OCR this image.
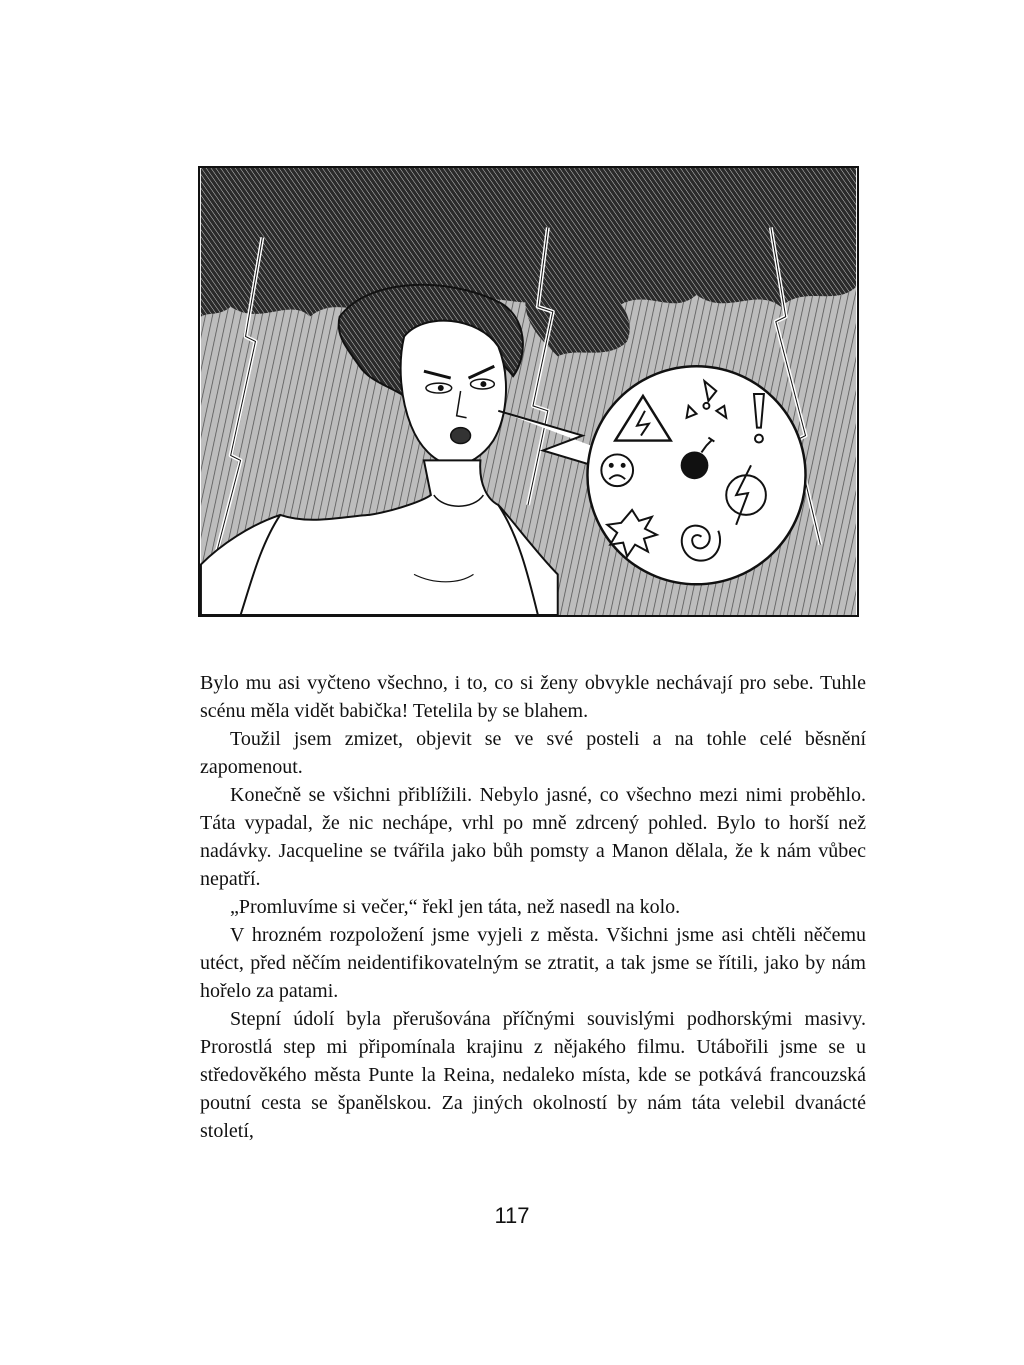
Bylo mu asi vyčteno všechno, i to, co si ženy obvykle nechávají pro sebe. Tuhle scénu měla vidět babička! Tetelila by se blahem.

Toužil jsem zmizet, objevit se ve své posteli a na tohle celé běsnění zapomenout.

Konečně se všichni přiblížili. Nebylo jasné, co všechno mezi nimi proběhlo. Táta vypadal, že nic nechápe, vrhl po mně zdrcený pohled. Bylo to horší než nadávky. Jacqueline se tvářila jako bůh pomsty a Manon dělala, že k nám vůbec nepatří.

„Promluvíme si večer,“ řekl jen táta, než nasedl na kolo.

V hrozném rozpoložení jsme vyjeli z města. Všichni jsme asi chtěli něčemu utéct, před něčím neidentifikovatelným se ztratit, a tak jsme se řítili, jako by nám hořelo za patami.

Stepní údolí byla přerušována příčnými souvislými podhorskými masivy. Prorostlá step mi připomínala krajinu z nějakého filmu. Utábořili jsme se u středověkého města Punte la Reina, nedaleko místa, kde se potkává francouzská poutní cesta se španělskou. Za jiných okolností by nám táta velebil dvanácté století,

117
